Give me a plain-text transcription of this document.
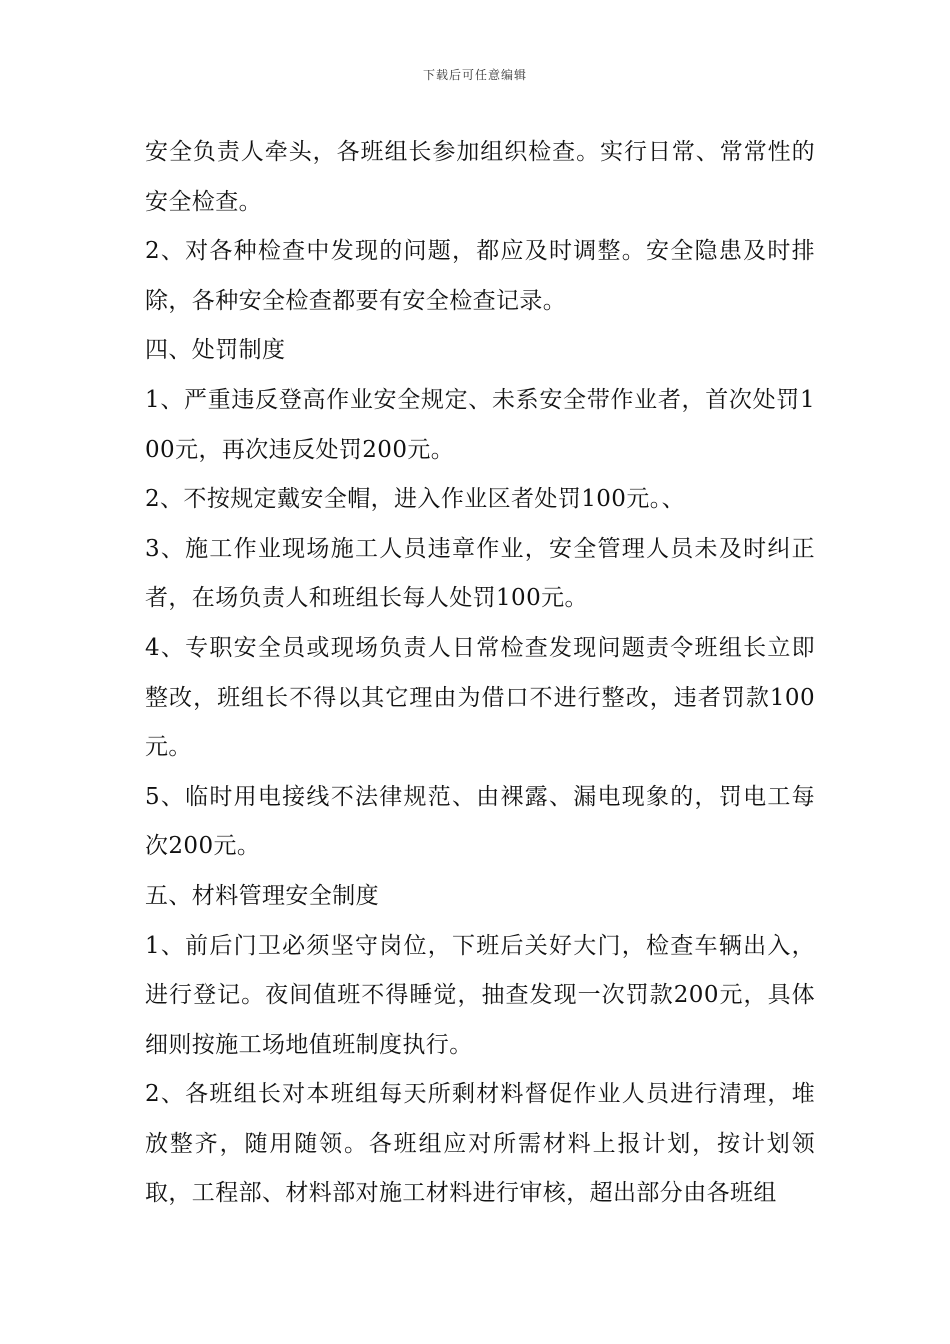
下载后可任意编辑

安全负责人牵头，各班组长参加组织检查。实行日常、常常性的安全检查。

2、对各种检查中发现的问题，都应及时调整。安全隐患及时排除，各种安全检查都要有安全检查记录。

四、处罚制度

1、严重违反登高作业安全规定、未系安全带作业者，首次处罚100元，再次违反处罚200元。

2、不按规定戴安全帽，进入作业区者处罚100元。、

3、施工作业现场施工人员违章作业，安全管理人员未及时纠正者，在场负责人和班组长每人处罚100元。

4、专职安全员或现场负责人日常检查发现问题责令班组长立即整改，班组长不得以其它理由为借口不进行整改，违者罚款100元。

5、临时用电接线不法律规范、由裸露、漏电现象的，罚电工每次200元。

五、材料管理安全制度

1、前后门卫必须坚守岗位，下班后关好大门，检查车辆出入，进行登记。夜间值班不得睡觉，抽查发现一次罚款200元，具体细则按施工场地值班制度执行。

2、各班组长对本班组每天所剩材料督促作业人员进行清理，堆放整齐，随用随领。各班组应对所需材料上报计划，按计划领取，工程部、材料部对施工材料进行审核，超出部分由各班组
